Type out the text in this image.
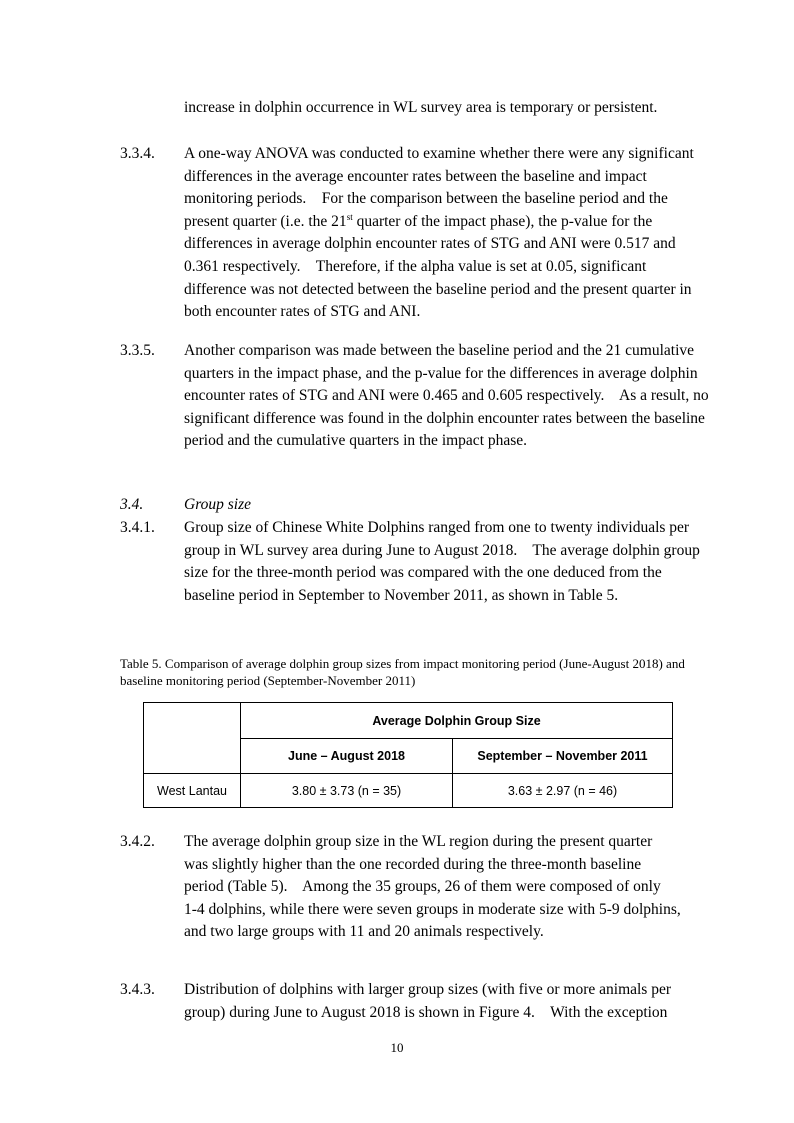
increase in dolphin occurrence in WL survey area is temporary or persistent.
3.3.4. A one-way ANOVA was conducted to examine whether there were any significant differences in the average encounter rates between the baseline and impact monitoring periods.    For the comparison between the baseline period and the present quarter (i.e. the 21st quarter of the impact phase), the p-value for the differences in average dolphin encounter rates of STG and ANI were 0.517 and 0.361 respectively.    Therefore, if the alpha value is set at 0.05, significant difference was not detected between the baseline period and the present quarter in both encounter rates of STG and ANI.
3.3.5. Another comparison was made between the baseline period and the 21 cumulative quarters in the impact phase, and the p-value for the differences in average dolphin encounter rates of STG and ANI were 0.465 and 0.605 respectively.    As a result, no significant difference was found in the dolphin encounter rates between the baseline period and the cumulative quarters in the impact phase.
3.4.	Group size
3.4.1. Group size of Chinese White Dolphins ranged from one to twenty individuals per group in WL survey area during June to August 2018.    The average dolphin group size for the three-month period was compared with the one deduced from the baseline period in September to November 2011, as shown in Table 5.
Table 5. Comparison of average dolphin group sizes from impact monitoring period (June-August 2018) and baseline monitoring period (September-November 2011)
	Average Dolphin Group Size	
	June – August 2018	September – November 2011
West Lantau	3.80 ± 3.73 (n = 35)	3.63 ± 2.97 (n = 46)
3.4.2. The average dolphin group size in the WL region during the present quarter
was slightly higher than the one recorded during the three-month baseline
period (Table 5).    Among the 35 groups, 26 of them were composed of only
1-4 dolphins, while there were seven groups in moderate size with 5-9 dolphins,
and two large groups with 11 and 20 animals respectively.
3.4.3. Distribution of dolphins with larger group sizes (with five or more animals per group) during June to August 2018 is shown in Figure 4.    With the exception
10
